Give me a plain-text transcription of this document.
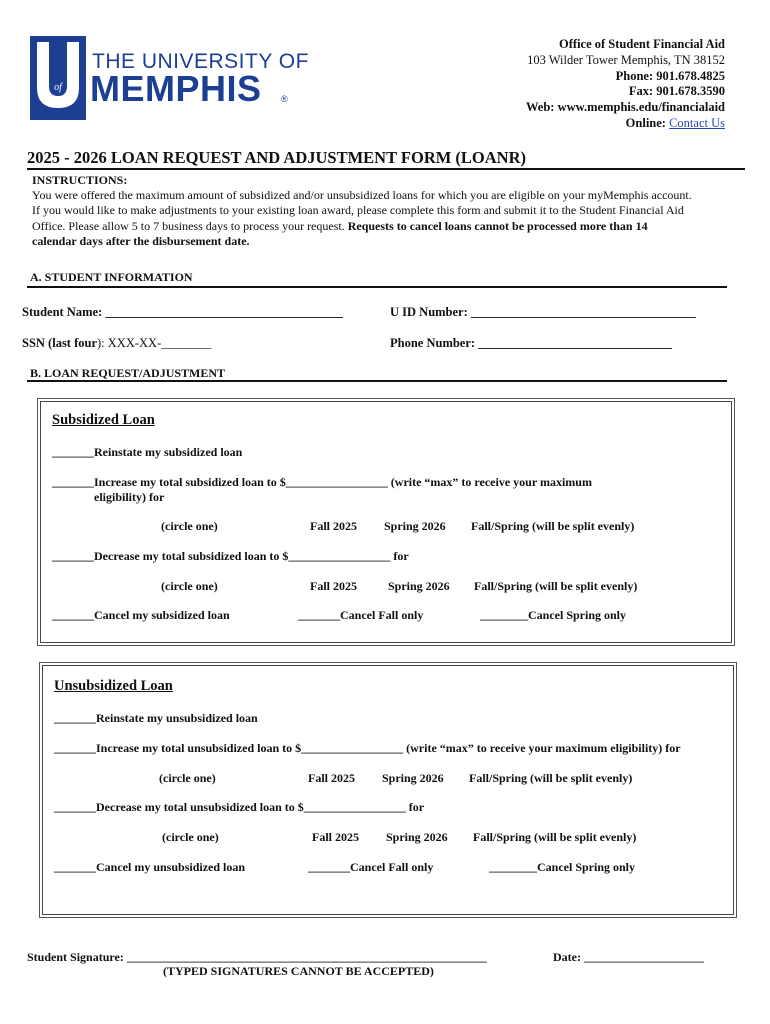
of
THE UNIVERSITY OF
MEMPHIS ®
Office of Student Financial Aid
103 Wilder Tower Memphis, TN 38152
Phone: 901.678.4825
Fax: 901.678.3590
Web: www.memphis.edu/financialaid
Online: Contact Us
2025 - 2026 LOAN REQUEST AND ADJUSTMENT FORM (LOANR)
INSTRUCTIONS:
You were offered the maximum amount of subsidized and/or unsubsidized loans for which you are eligible on your myMemphis account.
If you would like to make adjustments to your existing loan award, please complete this form and submit it to the Student Financial Aid
Office. Please allow 5 to 7 business days to process your request. Requests to cancel loans cannot be processed more than 14
calendar days after the disbursement date.
A. STUDENT INFORMATION
Student Name: ______________________________________	U ID Number: ____________________________________
SSN (last four): XXX-XX-________	Phone Number: _______________________________
B. LOAN REQUEST/ADJUSTMENT
Subsidized Loan
_______Reinstate my subsidized loan
_______Increase my total subsidized loan to $_________________ (write “max” to receive your maximum
eligibility) for
(circle one)	Fall 2025 Spring 2026 Fall/Spring (will be split evenly)
_______Decrease my total subsidized loan to $_________________ for
(circle one)	Fall 2025	Spring 2026 Fall/Spring (will be split evenly)
_______Cancel my subsidized loan	_______Cancel Fall only	________Cancel Spring only
Unsubsidized Loan
_______Reinstate my unsubsidized loan
_______Increase my total unsubsidized loan to $_________________ (write “max” to receive your maximum eligibility) for
(circle one)	Fall 2025 Spring 2026 Fall/Spring (will be split evenly)
_______Decrease my total unsubsidized loan to $_________________ for
(circle one)	Fall 2025 Spring 2026 Fall/Spring (will be split evenly)
_______Cancel my unsubsidized loan	_______Cancel Fall only	________Cancel Spring only
Student Signature: ____________________________________________________________
(TYPED SIGNATURES CANNOT BE ACCEPTED)
Date: ____________________
